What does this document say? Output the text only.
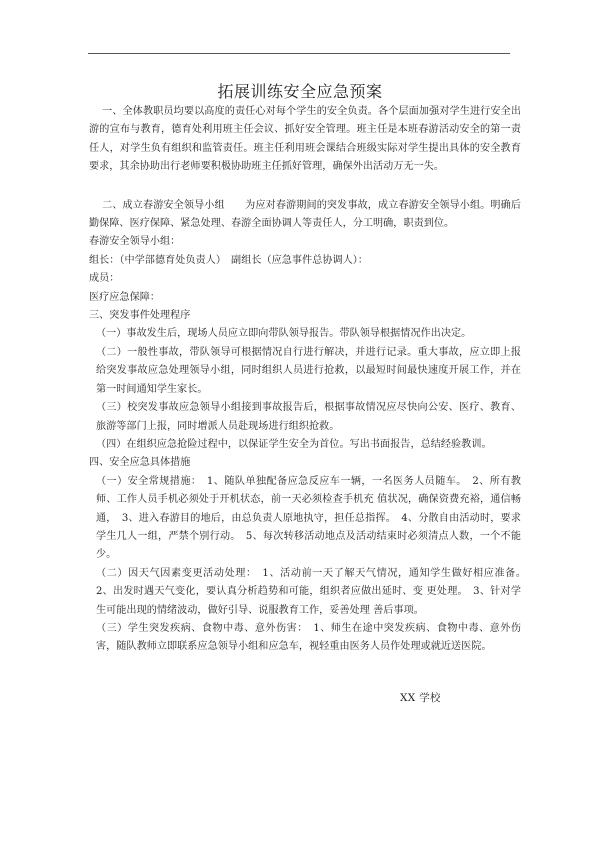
拓展训练安全应急预案

一、全体教职员均要以高度的责任心对每个学生的安全负责。各个层面加强对学生进行安全出游的宣布与教育，德育处利用班主任会议、抓好安全管理。班主任是本班春游活动安全的第一责任人，对学生负有组织和监管责任。班主任利用班会课结合班级实际对学生提出具体的安全教育要求，其余协助出行老师要积极协助班主任抓好管理，确保外出活动万无一失。

二、成立春游安全领导小组　　为应对春游期间的突发事故，成立春游安全领导小组。明确后勤保障、医疗保障、紧急处理、春游全面协调人等责任人，分工明确，职责到位。

春游安全领导小组：

组长：（中学部德育处负责人）　副组长（应急事件总协调人）：

成员：

医疗应急保障：

三、突发事件处理程序

（一）事故发生后，现场人员应立即向带队领导报告。带队领导根据情况作出决定。

（二）一般性事故，带队领导可根据情况自行进行解决，并进行记录。重大事故，应立即上报给突发事故应急处理领导小组，同时组织人员进行抢救，以最短时间最快速度开展工作，并在第一时间通知学生家长。

（三）校突发事故应急领导小组接到事故报告后，根据事故情况应尽快向公安、医疗、教育、旅游等部门上报，同时增派人员赴现场进行组织抢救。

（四）在组织应急抢险过程中，以保证学生安全为首位。写出书面报告，总结经验教训。

四、安全应急具体措施

（一）安全常规措施：　1、随队单独配备应急反应车一辆，一名医务人员随车。　2、所有教师、工作人员手机必须处于开机状态，前一天必须检查手机充 值状况，确保资费充裕，通信畅通，　3、进入春游目的地后，由总负责人原地执守，担任总指挥。　4、分散自由活动时，要求学生几人一组，严禁个别行动。　5、每次转移活动地点及活动结束时必须清点人数，一个不能少。

（二）因天气因素变更活动处理：　1、活动前一天了解天气情况，通知学生做好相应准备。　2、出发时遇天气变化，要认真分析趋势和可能，组织者应做出延时、变 更处理。　3、针对学生可能出现的情绪波动，做好引导、说服教育工作，妥善处理 善后事项。

（三）学生突发疾病、食物中毒、意外伤害：　1、师生在途中突发疾病、食物中毒、意外伤害，随队教师立即联系应急领导小组和应急车，视轻重由医务人员作处理或就近送医院。

XX 学校
